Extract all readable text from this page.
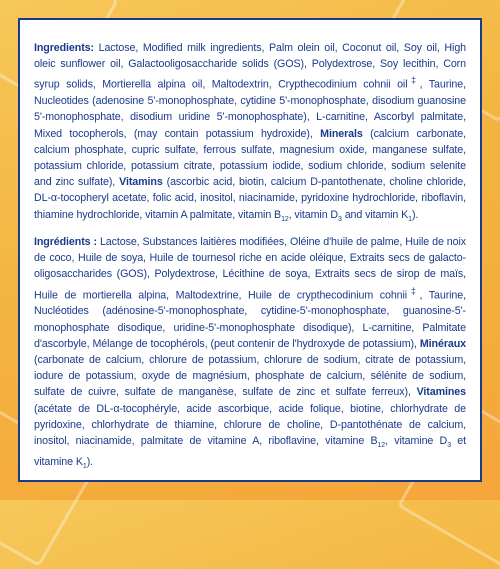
Ingredients: Lactose, Modified milk ingredients, Palm olein oil, Coconut oil, Soy oil, High oleic sunflower oil, Galactooligosaccharide solids (GOS), Polydextrose, Soy lecithin, Corn syrup solids, Mortierella alpina oil, Maltodextrin, Crypthecodinium cohnii oil‡, Taurine, Nucleotides (adenosine 5'-monophosphate, cytidine 5'-monophosphate, disodium guanosine 5'-monophosphate, disodium uridine 5'-monophosphate), L-carnitine, Ascorbyl palmitate, Mixed tocopherols, (may contain potassium hydroxide), Minerals (calcium carbonate, calcium phosphate, cupric sulfate, ferrous sulfate, magnesium oxide, manganese sulfate, potassium chloride, potassium citrate, potassium iodide, sodium chloride, sodium selenite and zinc sulfate), Vitamins (ascorbic acid, biotin, calcium D-pantothenate, choline chloride, DL-α-tocopheryl acetate, folic acid, inositol, niacinamide, pyridoxine hydrochloride, riboflavin, thiamine hydrochloride, vitamin A palmitate, vitamin $B_{12}$, vitamin $D_3$ and vitamin $K_1$).

Ingrédients : Lactose, Substances laitières modifiées, Oléine d'huile de palme, Huile de noix de coco, Huile de soya, Huile de tournesol riche en acide oléique, Extraits secs de galacto-oligosaccharides (GOS), Polydextrose, Lécithine de soya, Extraits secs de sirop de maïs, Huile de mortierella alpina, Maltodextrine, Huile de crypthecodinium cohnii‡, Taurine, Nucléotides (adénosine-5'-monophosphate, cytidine-5'-monophosphate, guanosine-5'-monophosphate disodique, uridine-5'-monophosphate disodique), L-carnitine, Palmitate d'ascorbyle, Mélange de tocophérols, (peut contenir de l'hydroxyde de potassium), Minéraux (carbonate de calcium, chlorure de potassium, chlorure de sodium, citrate de potassium, iodure de potassium, oxyde de magnésium, phosphate de calcium, sélénite de sodium, sulfate de cuivre, sulfate de manganèse, sulfate de zinc et sulfate ferreux), Vitamines (acétate de DL-α-tocophéryle, acide ascorbique, acide folique, biotine, chlorhydrate de pyridoxine, chlorhydrate de thiamine, chlorure de choline, D-pantothénate de calcium, inositol, niacinamide, palmitate de vitamine A, riboflavine, vitamine $B_{12}$, vitamine $D_3$ et vitamine $K_1$).
